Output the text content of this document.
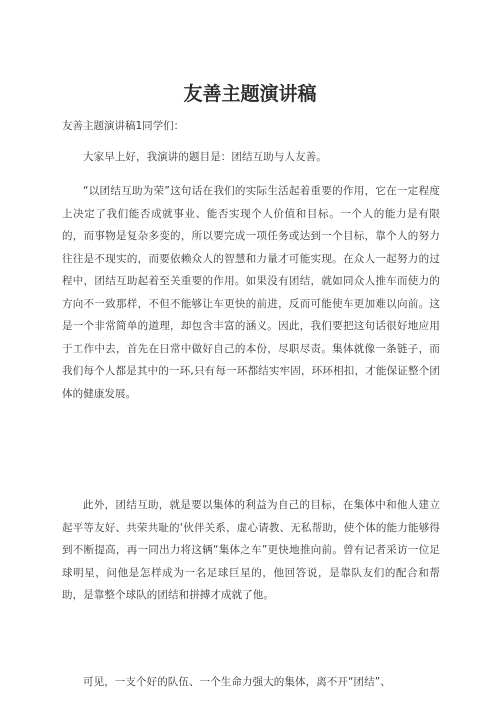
友善主题演讲稿
友善主题演讲稿1同学们：

大家早上好，我演讲的题目是：团结互助与人友善。

“以团结互助为荣”这句话在我们的实际生活起着重要的作用，它在一定程度上决定了我们能否成就事业、能否实现个人价值和目标。一个人的能力是有限的，而事物是复杂多变的，所以要完成一项任务或达到一个目标，靠个人的努力往往是不现实的，而要依赖众人的智慧和力量才可能实现。在众人一起努力的过程中，团结互助起着至关重要的作用。如果没有团结，就如同众人推车而使力的方向不一致那样，不但不能够让车更快的前进，反而可能使车更加难以向前。这是一个非常简单的道理，却包含丰富的涵义。因此，我们要把这句话很好地应用于工作中去，首先在日常中做好自己的本份，尽职尽责。集体就像一条链子，而我们每个人都是其中的一环,只有每一环都结实牢固，环环相扣，才能保证整个团体的健康发展。

此外，团结互助，就是要以集体的利益为自己的目标，在集体中和他人建立起平等友好、共荣共耻的‘伙伴关系，虚心请教、无私帮助，使个体的能力能够得到不断提高，再一同出力将这辆“集体之车”更快地推向前。曾有记者采访一位足球明星，问他是怎样成为一名足球巨星的，他回答说，是靠队友们的配合和帮助，是靠整个球队的团结和拼搏才成就了他。

可见，一支个好的队伍、一个生命力强大的集体，离不开“团结”、
